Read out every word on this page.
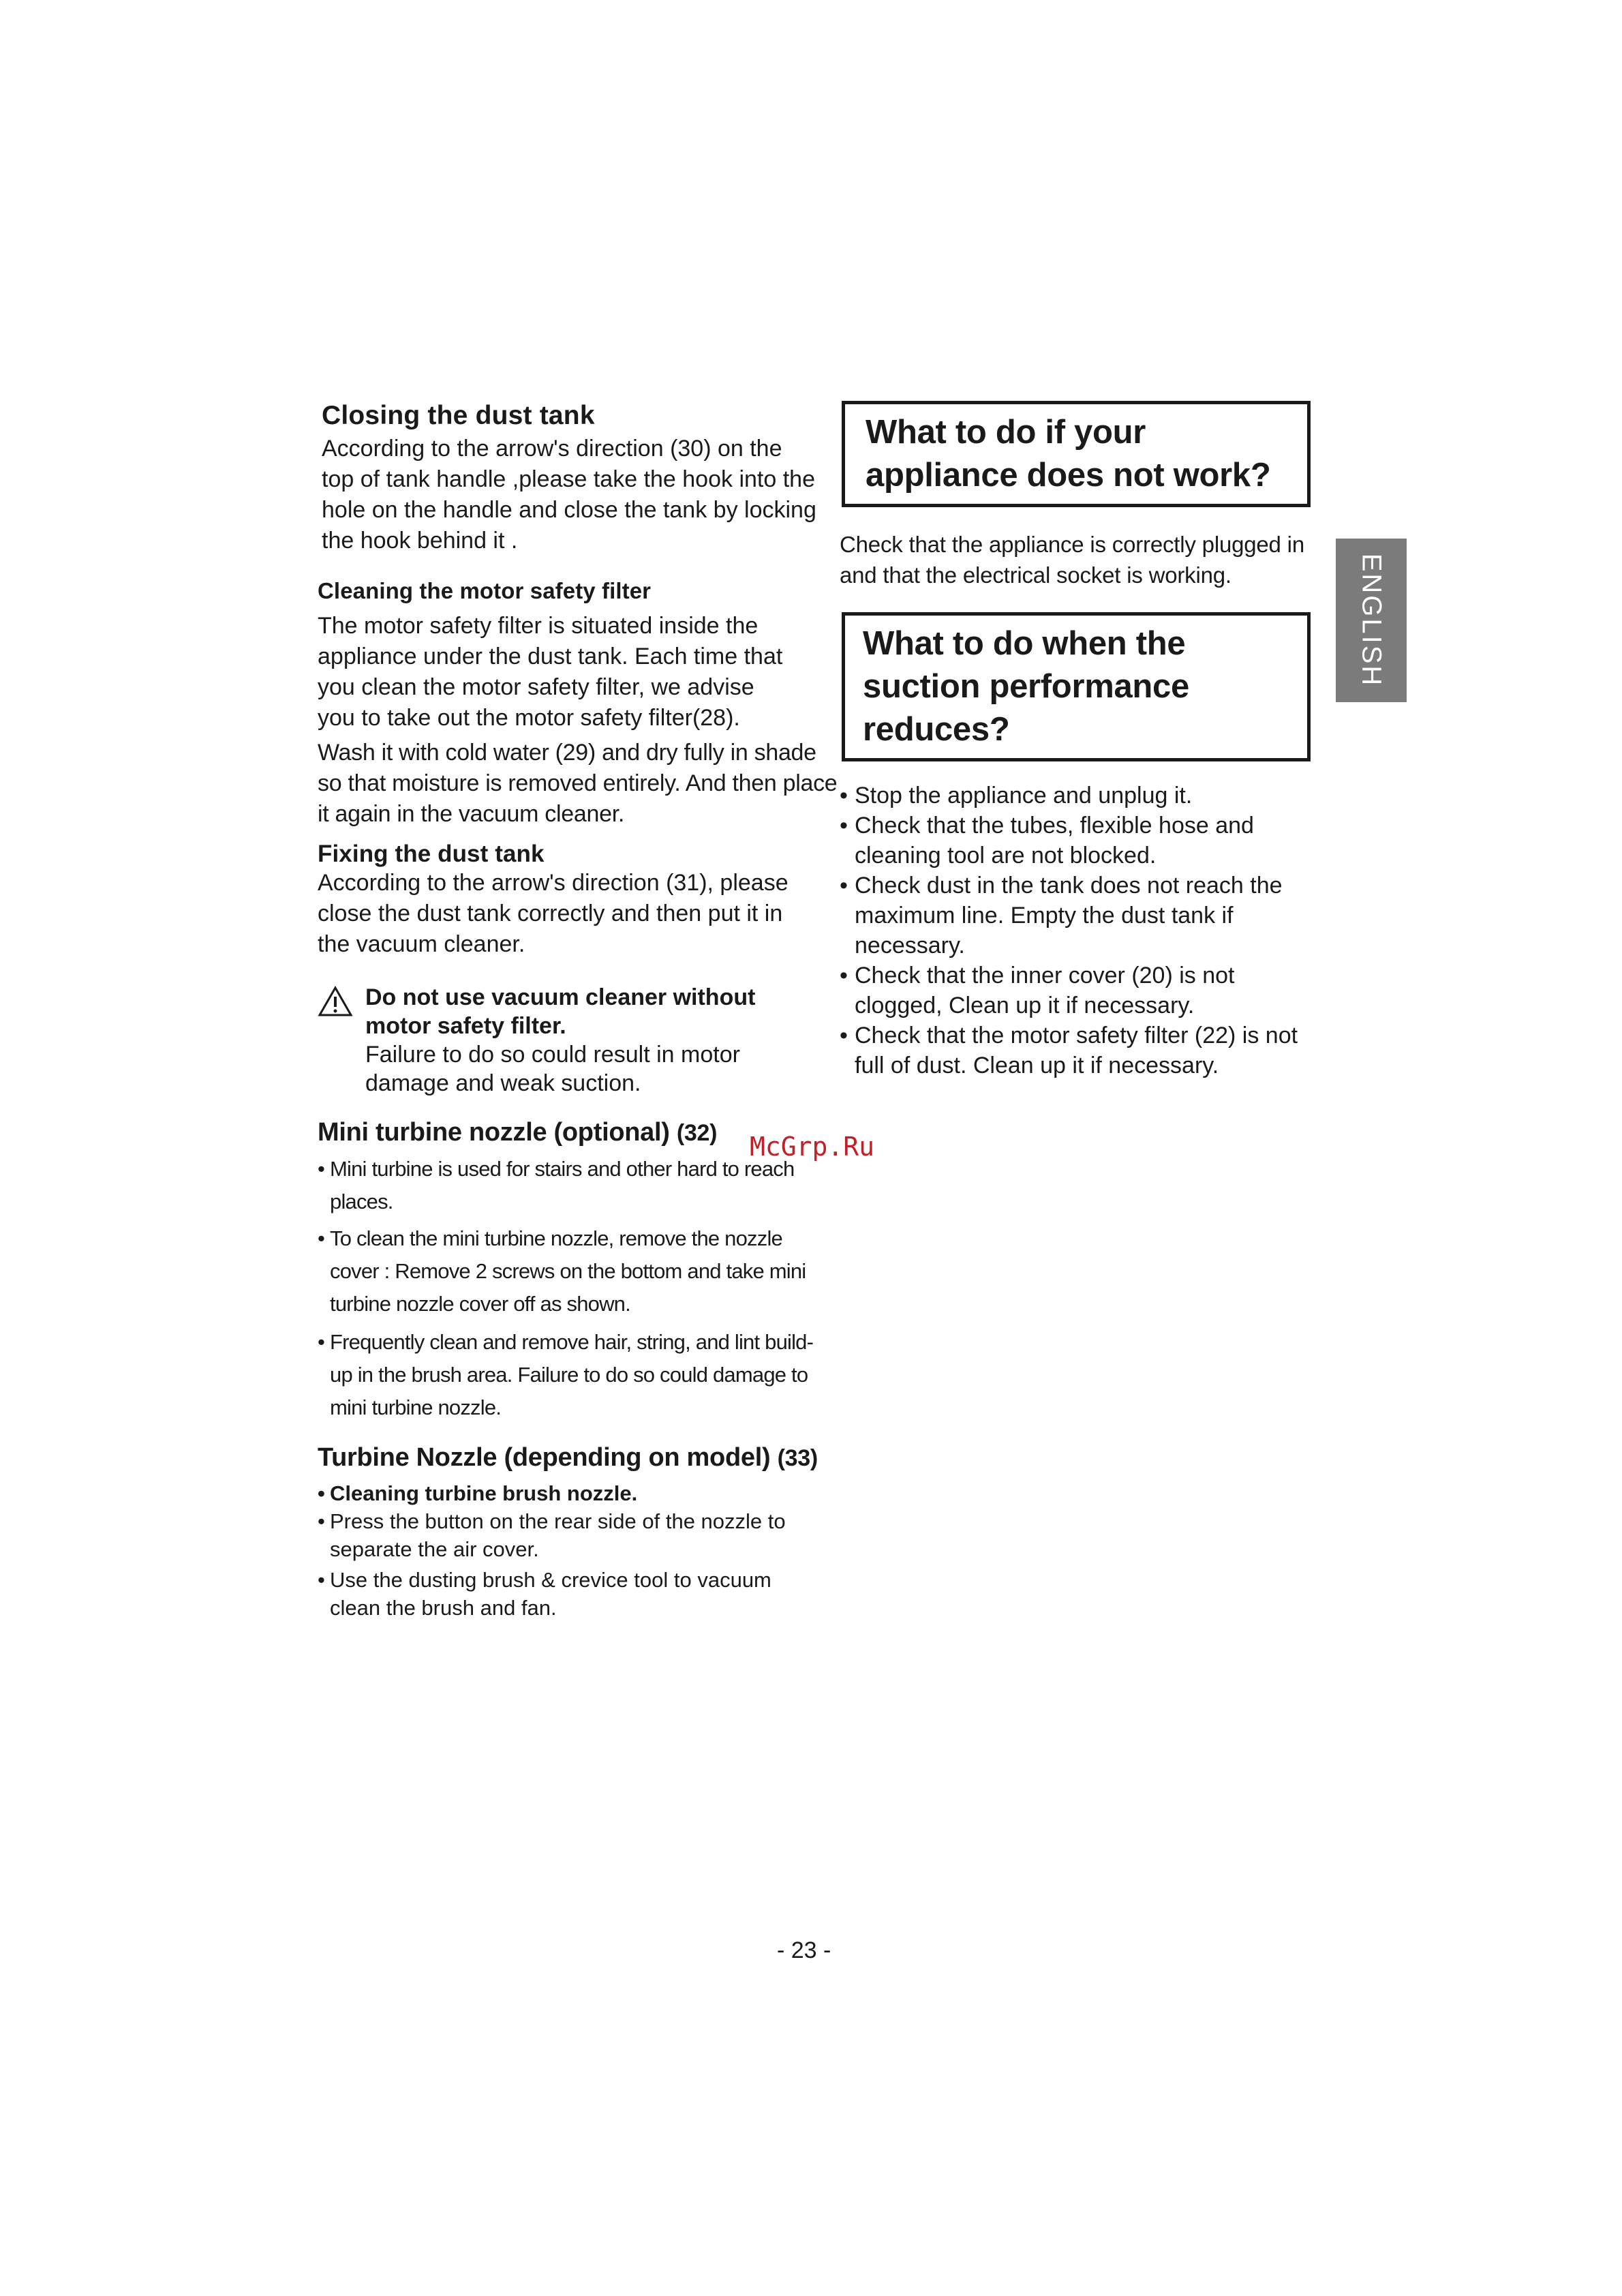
Closing the dust tank

According to the arrow's direction (30) on the top of tank handle ,please take the hook into the hole on the handle and close the tank by locking the hook behind it .

Cleaning the motor safety filter

The motor safety filter is situated inside the appliance under the dust tank. Each time that you clean the motor safety filter, we advise you to take out the motor safety filter(28).

Wash it with cold water (29) and dry fully in shade so that moisture is removed entirely. And then place it again in the vacuum cleaner.

Fixing the dust tank

According to the arrow's direction (31), please close the dust tank correctly and then put it in the vacuum cleaner.

Do not use vacuum cleaner without motor safety filter.
Failure to do so could result in motor damage and weak suction.
Mini turbine nozzle (optional) (32)
• Mini turbine is used for stairs and other hard to reach places.
• To clean the mini turbine nozzle, remove the nozzle cover : Remove 2 screws on the bottom and take mini turbine nozzle cover off as shown.
• Frequently clean and remove hair, string, and lint build-up in the brush area. Failure to do so could damage to mini turbine nozzle.
Turbine Nozzle (depending on model) (33)
• Cleaning turbine brush nozzle.
• Press the button on the rear side of the nozzle to separate the air cover.
• Use the dusting brush & crevice tool to vacuum clean the brush and fan.
What to do if your appliance does not work?

Check that the appliance is correctly plugged in and that the electrical socket is working.

What to do when the suction performance reduces?
• Stop the appliance and unplug it.
• Check that the tubes, flexible hose and cleaning tool are not blocked.
• Check dust in the tank does not reach the maximum line. Empty the dust tank if necessary.
• Check that the inner cover (20) is not clogged, Clean up it if necessary.
• Check that the motor safety filter (22) is not full of dust. Clean up it if necessary.
ENGLISH
McGrp.Ru
- 23 -
